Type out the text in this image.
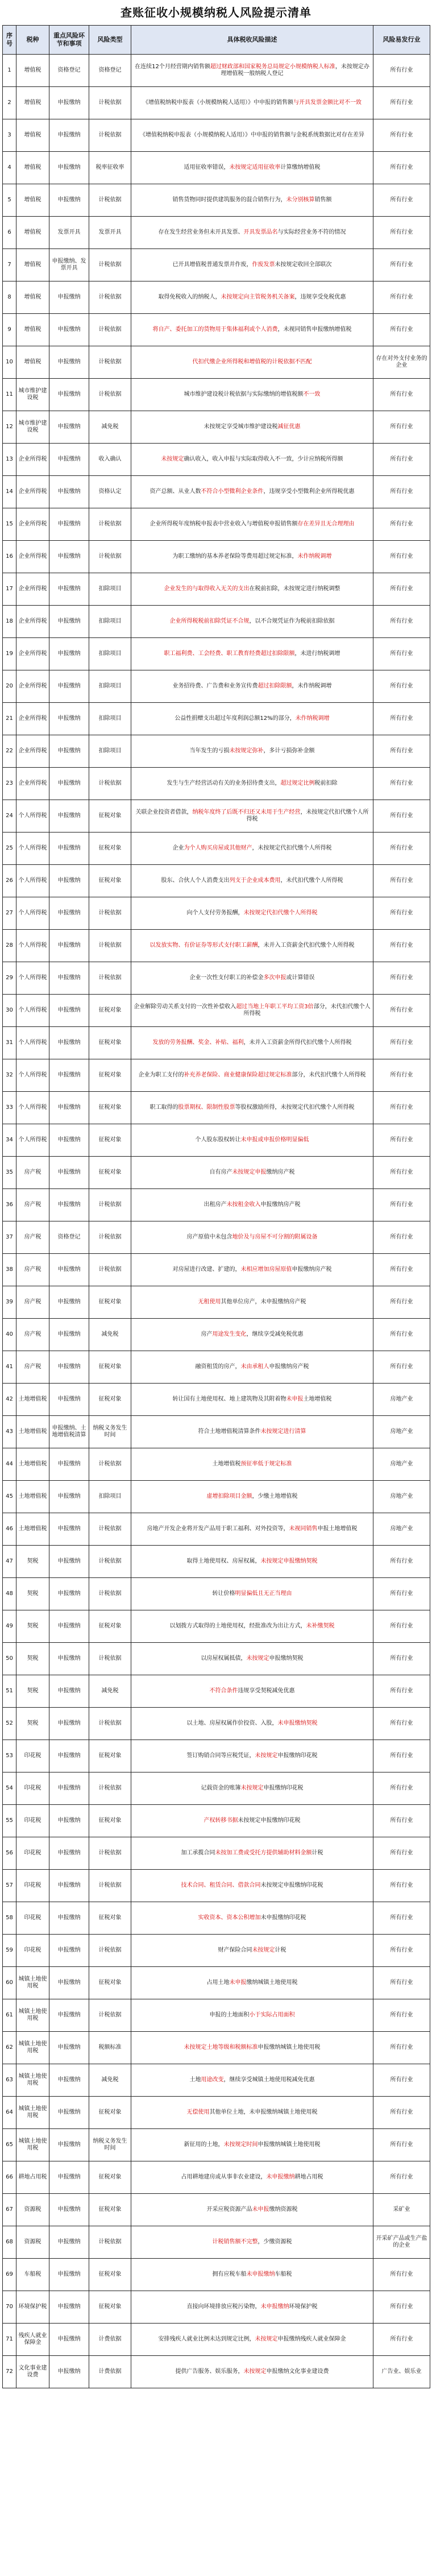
查账征收小规模纳税人风险提示清单
序号	税种	重点风险环节和事项	风险类型	具体税收风险描述	风险易发行业
1	增值税	资格登记	资格登记	在连续12个月经营期内销售额超过财政部和国家税务总局规定小规模纳税人标准，未按规定办理增值税一般纳税人登记	所有行业
2	增值税	申报缴纳	计税依据	《增值税纳税申报表（小规模纳税人适用）》中申报的销售额与开具发票金额比对不一致	所有行业
3	增值税	申报缴纳	计税依据	《增值税纳税申报表（小规模纳税人适用）》中申报的销售额与金税系统数据比对存在差异	所有行业
4	增值税	申报缴纳	税率征收率	适用征收率错误，未按规定适用征收率计算缴纳增值税	所有行业
5	增值税	申报缴纳	计税依据	销售货物同时提供建筑服务的混合销售行为，未分别核算销售额	所有行业
6	增值税	发票开具	发票开具	存在发生经营业务但未开具发票、开具发票品名与实际经营业务不符的情况	所有行业
7	增值税	申报缴纳、发票开具	计税依据	已开具增值税普通发票并作废，作废发票未按规定收回全部联次	所有行业
8	增值税	申报缴纳	计税依据	取得免税收入的纳税人，未按规定向主管税务机关备案，违规享受免税优惠	所有行业
9	增值税	申报缴纳	计税依据	将自产、委托加工的货物用于集体福利或个人消费，未视同销售申报缴纳增值税	所有行业
10	增值税	申报缴纳	计税依据	代扣代缴企业所得税和增值税的计税依据不匹配	存在对外支付业务的企业
11	城市维护建设税	申报缴纳	计税依据	城市维护建设税计税依据与实际缴纳的增值税额不一致	所有行业
12	城市维护建设税	申报缴纳	减免税	未按规定享受城市维护建设税减征优惠	所有行业
13	企业所得税	申报缴纳	收入确认	未按规定确认收入，收入申报与实际取得收入不一致，少计应纳税所得额	所有行业
14	企业所得税	申报缴纳	资格认定	资产总额、从业人数不符合小型微利企业条件，违规享受小型微利企业所得税优惠	所有行业
15	企业所得税	申报缴纳	计税依据	企业所得税年度纳税申报表中营业收入与增值税申报销售额存在差异且无合理理由	所有行业
16	企业所得税	申报缴纳	计税依据	为职工缴纳的基本养老保险等费用超过规定标准，未作纳税调增	所有行业
17	企业所得税	申报缴纳	扣除项目	企业发生的与取得收入无关的支出在税前扣除，未按规定进行纳税调整	所有行业
18	企业所得税	申报缴纳	扣除项目	企业所得税税前扣除凭证不合规，以不合规凭证作为税前扣除依据	所有行业
19	企业所得税	申报缴纳	扣除项目	职工福利费、工会经费、职工教育经费超过扣除限额，未进行纳税调增	所有行业
20	企业所得税	申报缴纳	扣除项目	业务招待费、广告费和业务宣传费超过扣除限额，未作纳税调增	所有行业
21	企业所得税	申报缴纳	扣除项目	公益性捐赠支出超过年度利润总额12%的部分，未作纳税调增	所有行业
22	企业所得税	申报缴纳	扣除项目	当年发生的亏损未按规定弥补，多计亏损弥补金额	所有行业
23	企业所得税	申报缴纳	计税依据	发生与生产经营活动有关的业务招待费支出，超过规定比例税前扣除	所有行业
24	个人所得税	申报缴纳	征税对象	关联企业投资者借款，纳税年度终了后既不归还又未用于生产经营，未按规定代扣代缴个人所得税	所有行业
25	个人所得税	申报缴纳	征税对象	企业为个人购买房屋或其他财产，未按规定代扣代缴个人所得税	所有行业
26	个人所得税	申报缴纳	征税对象	股东、合伙人个人消费支出列支于企业成本费用，未代扣代缴个人所得税	所有行业
27	个人所得税	申报缴纳	计税依据	向个人支付劳务报酬，未按规定代扣代缴个人所得税	所有行业
28	个人所得税	申报缴纳	计税依据	以发放实物、有价证券等形式支付职工薪酬，未并入工资薪金代扣代缴个人所得税	所有行业
29	个人所得税	申报缴纳	计税依据	企业一次性支付职工的补偿金多次申报或计算错误	所有行业
30	个人所得税	申报缴纳	征税对象	企业解除劳动关系支付的一次性补偿收入超过当地上年职工平均工资3倍部分，未代扣代缴个人所得税	所有行业
31	个人所得税	申报缴纳	征税对象	发放的劳务报酬、奖金、补贴、福利，未并入工资薪金所得代扣代缴个人所得税	所有行业
32	个人所得税	申报缴纳	征税对象	企业为职工支付的补充养老保险、商业健康保险超过规定标准部分，未代扣代缴个人所得税	所有行业
33	个人所得税	申报缴纳	征税对象	职工取得的股票期权、限制性股票等股权激励所得，未按规定代扣代缴个人所得税	所有行业
34	个人所得税	申报缴纳	征税对象	个人股东股权转让未申报或申报价格明显偏低	所有行业
35	房产税	申报缴纳	征税对象	自有房产未按规定申报缴纳房产税	所有行业
36	房产税	申报缴纳	计税依据	出租房产未按租金收入申报缴纳房产税	所有行业
37	房产税	资格登记	计税依据	房产原值中未包含地价及与房屋不可分割的附属设备	所有行业
38	房产税	申报缴纳	计税依据	对房屋进行改建、扩建的，未相应增加房屋原值申报缴纳房产税	所有行业
39	房产税	申报缴纳	征税对象	无租使用其他单位房产，未申报缴纳房产税	所有行业
40	房产税	申报缴纳	减免税	房产用途发生变化，继续享受减免税优惠	所有行业
41	房产税	申报缴纳	征税对象	融资租赁的房产，未由承租人申报缴纳房产税	所有行业
42	土地增值税	申报缴纳	征税对象	转让国有土地使用权、地上建筑物及其附着物未申报土地增值税	房地产业
43	土地增值税	申报缴纳、土地增值税清算	纳税义务发生时间	符合土地增值税清算条件未按规定进行清算	房地产业
44	土地增值税	申报缴纳	计税依据	土地增值税预征率低于规定标准	房地产业
45	土地增值税	申报缴纳	扣除项目	虚增扣除项目金额，少缴土地增值税	房地产业
46	土地增值税	申报缴纳	计税依据	房地产开发企业将开发产品用于职工福利、对外投资等，未视同销售申报土地增值税	房地产业
47	契税	申报缴纳	计税依据	取得土地使用权、房屋权属，未按规定申报缴纳契税	所有行业
48	契税	申报缴纳	计税依据	转让价格明显偏低且无正当理由	所有行业
49	契税	申报缴纳	征税对象	以划拨方式取得的土地使用权，经批准改为出让方式，未补缴契税	所有行业
50	契税	申报缴纳	计税依据	以房屋权属抵债，未按规定申报缴纳契税	所有行业
51	契税	申报缴纳	减免税	不符合条件违规享受契税减免优惠	所有行业
52	契税	申报缴纳	计税依据	以土地、房屋权属作价投资、入股，未申报缴纳契税	所有行业
53	印花税	申报缴纳	征税对象	签订购销合同等应税凭证，未按规定申报缴纳印花税	所有行业
54	印花税	申报缴纳	计税依据	记载资金的账簿未按规定申报缴纳印花税	所有行业
55	印花税	申报缴纳	征税对象	产权转移书据未按规定申报缴纳印花税	所有行业
56	印花税	申报缴纳	计税依据	加工承揽合同未按加工费或受托方提供辅助材料金额计税	所有行业
57	印花税	申报缴纳	计税依据	技术合同、租赁合同、借款合同未按规定申报缴纳印花税	所有行业
58	印花税	申报缴纳	征税对象	实收资本、资本公积增加未申报缴纳印花税	所有行业
59	印花税	申报缴纳	计税依据	财产保险合同未按规定计税	所有行业
60	城镇土地使用税	申报缴纳	征税对象	占用土地未申报缴纳城镇土地使用税	所有行业
61	城镇土地使用税	申报缴纳	计税依据	申报的土地面积小于实际占用面积	所有行业
62	城镇土地使用税	申报缴纳	税额标准	未按规定土地等级和税额标准申报缴纳城镇土地使用税	所有行业
63	城镇土地使用税	申报缴纳	减免税	土地用途改变，继续享受城镇土地使用税减免优惠	所有行业
64	城镇土地使用税	申报缴纳	征税对象	无偿使用其他单位土地，未申报缴纳城镇土地使用税	所有行业
65	城镇土地使用税	申报缴纳	纳税义务发生时间	新征用的土地，未按规定时间申报缴纳城镇土地使用税	所有行业
66	耕地占用税	申报缴纳	征税对象	占用耕地建房或从事非农业建设，未申报缴纳耕地占用税	所有行业
67	资源税	申报缴纳	征税对象	开采应税资源产品未申报缴纳资源税	采矿业
68	资源税	申报缴纳	计税依据	计税销售额不完整，少缴资源税	开采矿产品或生产盐的企业
69	车船税	申报缴纳	征税对象	拥有应税车船未申报缴纳车船税	所有行业
70	环境保护税	申报缴纳	征税对象	直接向环境排放应税污染物，未申报缴纳环境保护税	所有行业
71	残疾人就业保障金	申报缴纳	计费依据	安排残疾人就业比例未达到规定比例，未按规定申报缴纳残疾人就业保障金	所有行业
72	文化事业建设费	申报缴纳	计费依据	提供广告服务、娱乐服务，未按规定申报缴纳文化事业建设费	广告业、娱乐业
